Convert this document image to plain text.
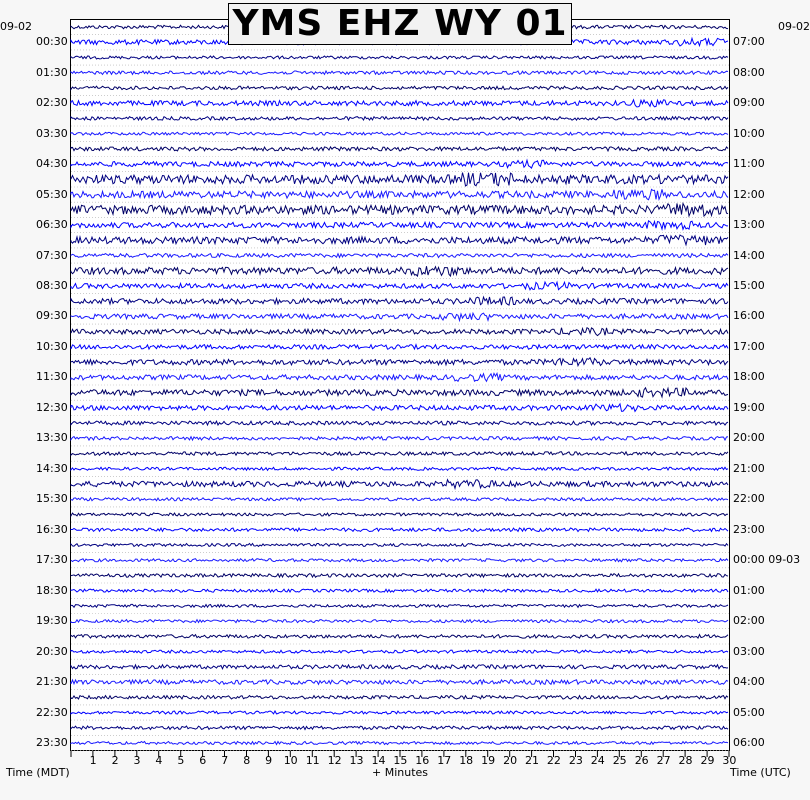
YMS EHZ WY 01
09-02	09-02
Time (MDT)	+ Minutes	Time (UTC)
1 2 3 4 5 6 7 8 9 10 11 12 13 14 15 16 17 18 19 20 21 22 23 24 25 26 27 28 29 30
00:30
01:30
02:30
03:30
04:30
05:30
06:30
07:30
08:30
09:30
10:30
11:30
12:30
13:30
14:30
15:30
16:30
17:30
18:30
19:30
20:30
21:30
22:30
23:30
07:00
08:00
09:00
10:00
11:00
12:00
13:00
14:00
15:00
16:00
17:00
18:00
19:00
20:00
21:00
22:00
23:00
00:00 09-03
01:00
02:00
03:00
04:00
05:00
06:00
